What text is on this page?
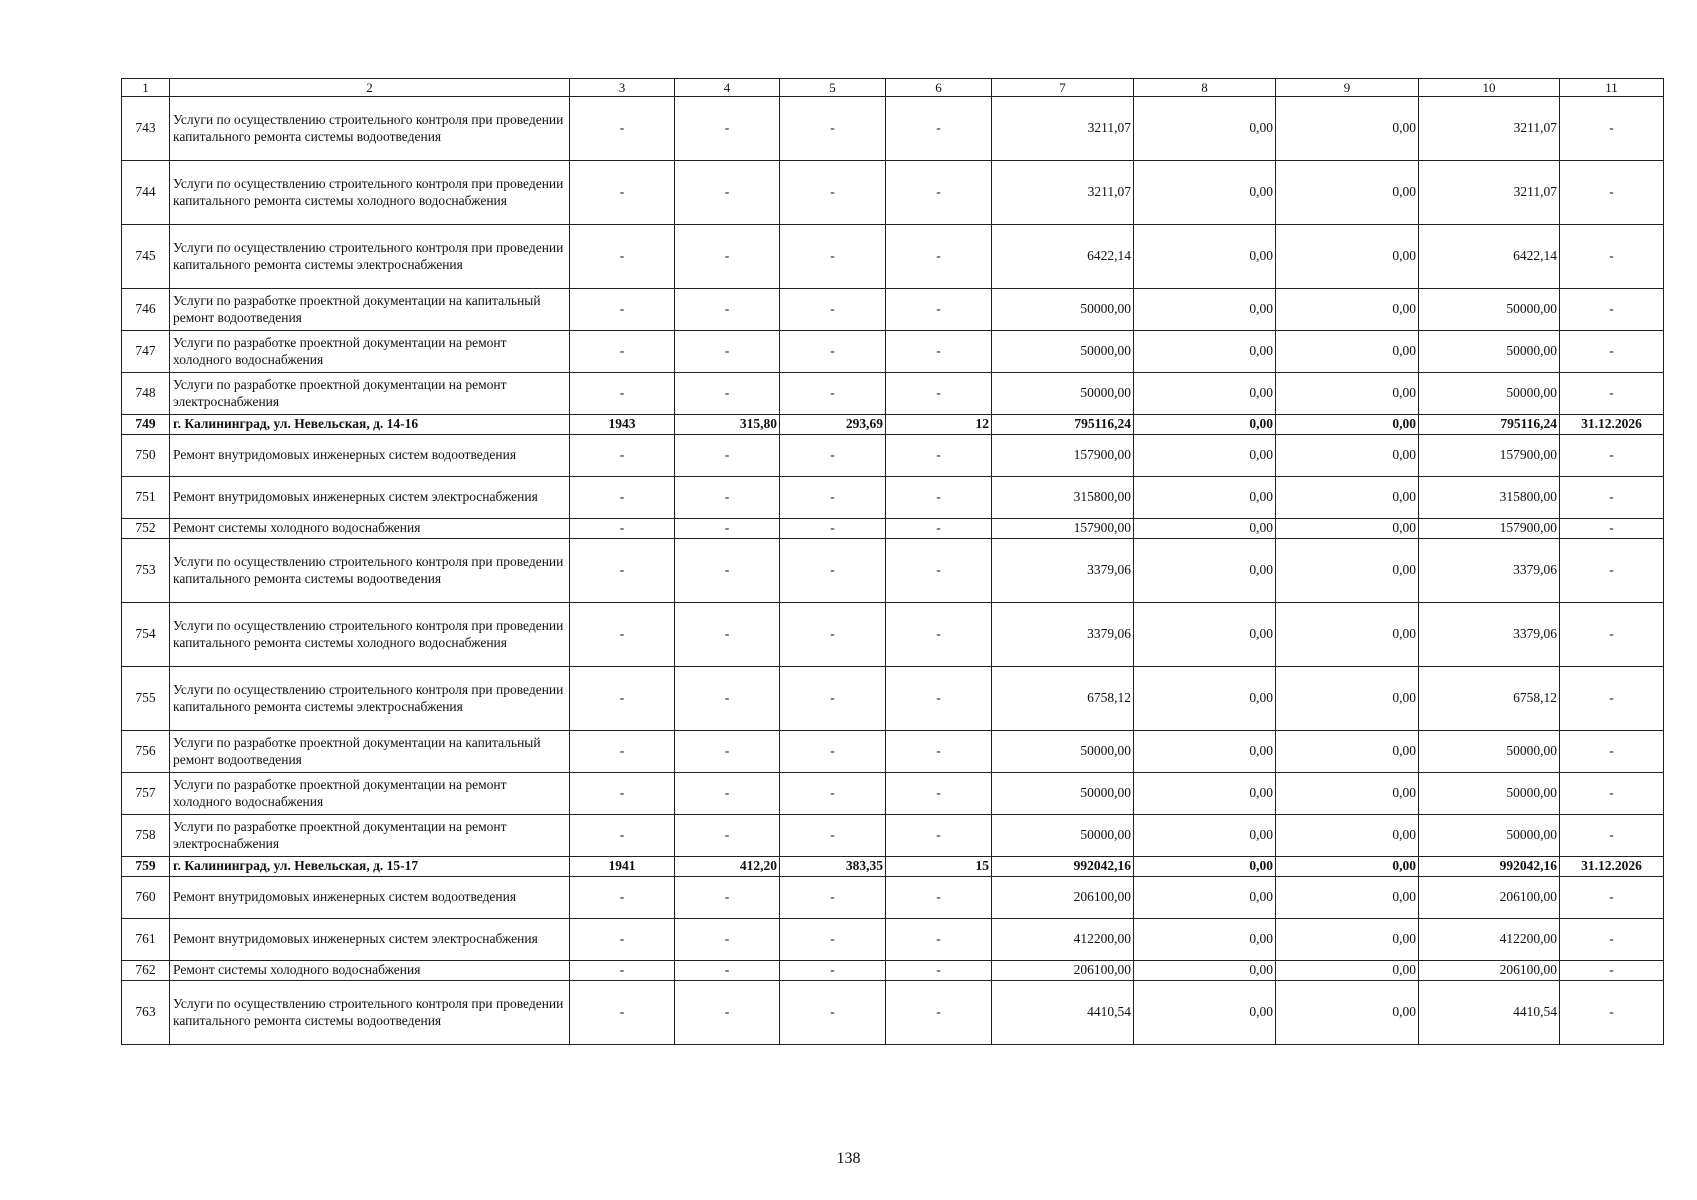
1	2	3	4	5	6	7	8	9	10	11
743	Услуги по осуществлению строительного контроля при проведении капитального ремонта системы водоотведения	-	-	-	-	3211,07	0,00	0,00	3211,07	-
744	Услуги по осуществлению строительного контроля при проведении капитального ремонта системы холодного водоснабжения	-	-	-	-	3211,07	0,00	0,00	3211,07	-
745	Услуги по осуществлению строительного контроля при проведении капитального ремонта системы электроснабжения	-	-	-	-	6422,14	0,00	0,00	6422,14	-
746	Услуги по разработке проектной документации на капитальный ремонт водоотведения	-	-	-	-	50000,00	0,00	0,00	50000,00	-
747	Услуги по разработке проектной документации на ремонт холодного водоснабжения	-	-	-	-	50000,00	0,00	0,00	50000,00	-
748	Услуги по разработке проектной документации на ремонт электроснабжения	-	-	-	-	50000,00	0,00	0,00	50000,00	-
749	г. Калининград, ул. Невельская, д. 14-16	1943	315,80	293,69	12	795116,24	0,00	0,00	795116,24	31.12.2026
750	Ремонт внутридомовых инженерных систем водоотведения	-	-	-	-	157900,00	0,00	0,00	157900,00	-
751	Ремонт внутридомовых инженерных систем электроснабжения	-	-	-	-	315800,00	0,00	0,00	315800,00	-
752	Ремонт системы холодного водоснабжения	-	-	-	-	157900,00	0,00	0,00	157900,00	-
753	Услуги по осуществлению строительного контроля при проведении капитального ремонта системы водоотведения	-	-	-	-	3379,06	0,00	0,00	3379,06	-
754	Услуги по осуществлению строительного контроля при проведении капитального ремонта системы холодного водоснабжения	-	-	-	-	3379,06	0,00	0,00	3379,06	-
755	Услуги по осуществлению строительного контроля при проведении капитального ремонта системы электроснабжения	-	-	-	-	6758,12	0,00	0,00	6758,12	-
756	Услуги по разработке проектной документации на капитальный ремонт водоотведения	-	-	-	-	50000,00	0,00	0,00	50000,00	-
757	Услуги по разработке проектной документации на ремонт холодного водоснабжения	-	-	-	-	50000,00	0,00	0,00	50000,00	-
758	Услуги по разработке проектной документации на ремонт электроснабжения	-	-	-	-	50000,00	0,00	0,00	50000,00	-
759	г. Калининград, ул. Невельская, д. 15-17	1941	412,20	383,35	15	992042,16	0,00	0,00	992042,16	31.12.2026
760	Ремонт внутридомовых инженерных систем водоотведения	-	-	-	-	206100,00	0,00	0,00	206100,00	-
761	Ремонт внутридомовых инженерных систем электроснабжения	-	-	-	-	412200,00	0,00	0,00	412200,00	-
762	Ремонт системы холодного водоснабжения	-	-	-	-	206100,00	0,00	0,00	206100,00	-
763	Услуги по осуществлению строительного контроля при проведении капитального ремонта системы водоотведения	-	-	-	-	4410,54	0,00	0,00	4410,54	-
138
